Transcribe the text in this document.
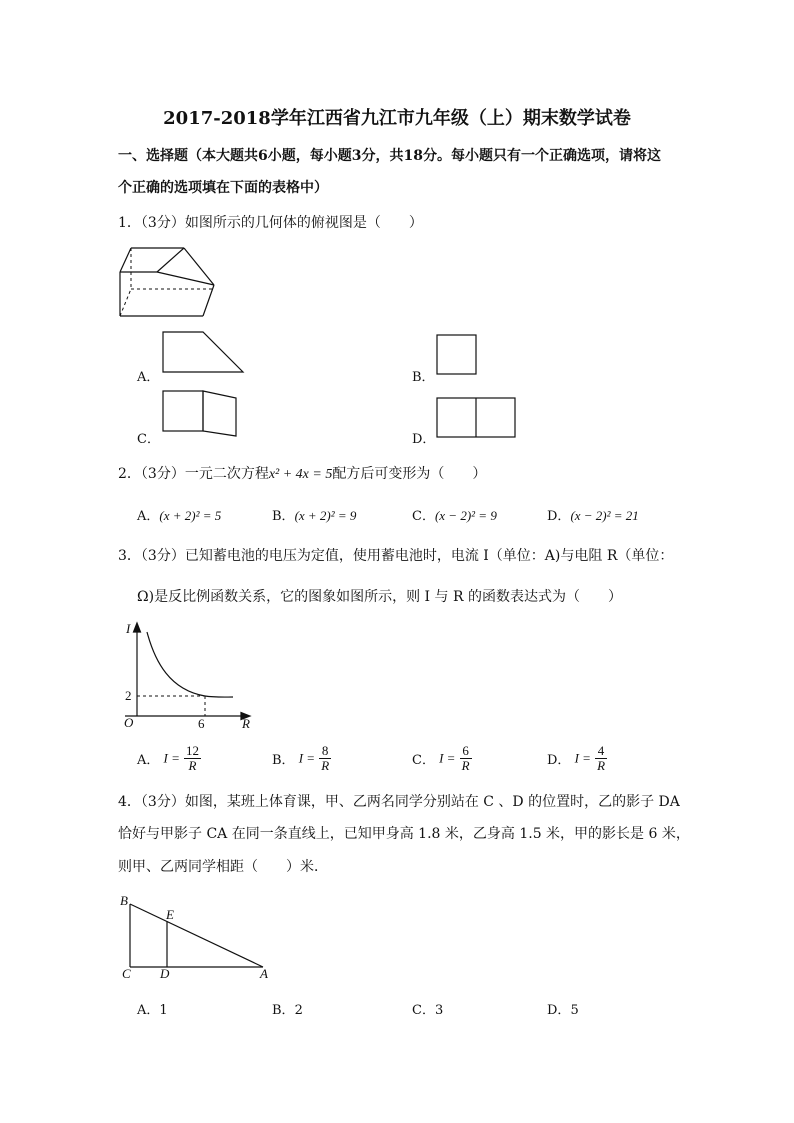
2017-2018学年江西省九江市九年级（上）期末数学试卷
一、选择题（本大题共6小题，每小题3分，共18分。每小题只有一个正确选项，请将这
个正确的选项填在下面的表格中）
1．（3分）如图所示的几何体的俯视图是（　　）
A．	B．
C．	D．
2．（3分）一元二次方程x² + 4x = 5配方后可变形为（　　）
A．(x + 2)² = 5	B．(x + 2)² = 9	C．(x − 2)² = 9	D．(x − 2)² = 21
3．（3分）已知蓄电池的电压为定值，使用蓄电池时，电流 I（单位：A)与电阻 R（单位：
Ω)是反比例函数关系，它的图象如图所示，则 I 与 R 的函数表达式为（　　）
I
R
O
2
6
A． $I = \frac{12}{R}$	B． $I = \frac{8}{R}$	C． $I = \frac{6}{R}$	D． $I = \frac{4}{R}$
4．（3分）如图，某班上体育课，甲、乙两名同学分别站在 C 、D 的位置时，乙的影子 DA
恰好与甲影子 CA 在同一条直线上，已知甲身高 1.8 米，乙身高 1.5 米，甲的影长是 6 米，
则甲、乙两同学相距（　　）米．
B
E
C D	A
A．1	B．2	C．3	D．5
